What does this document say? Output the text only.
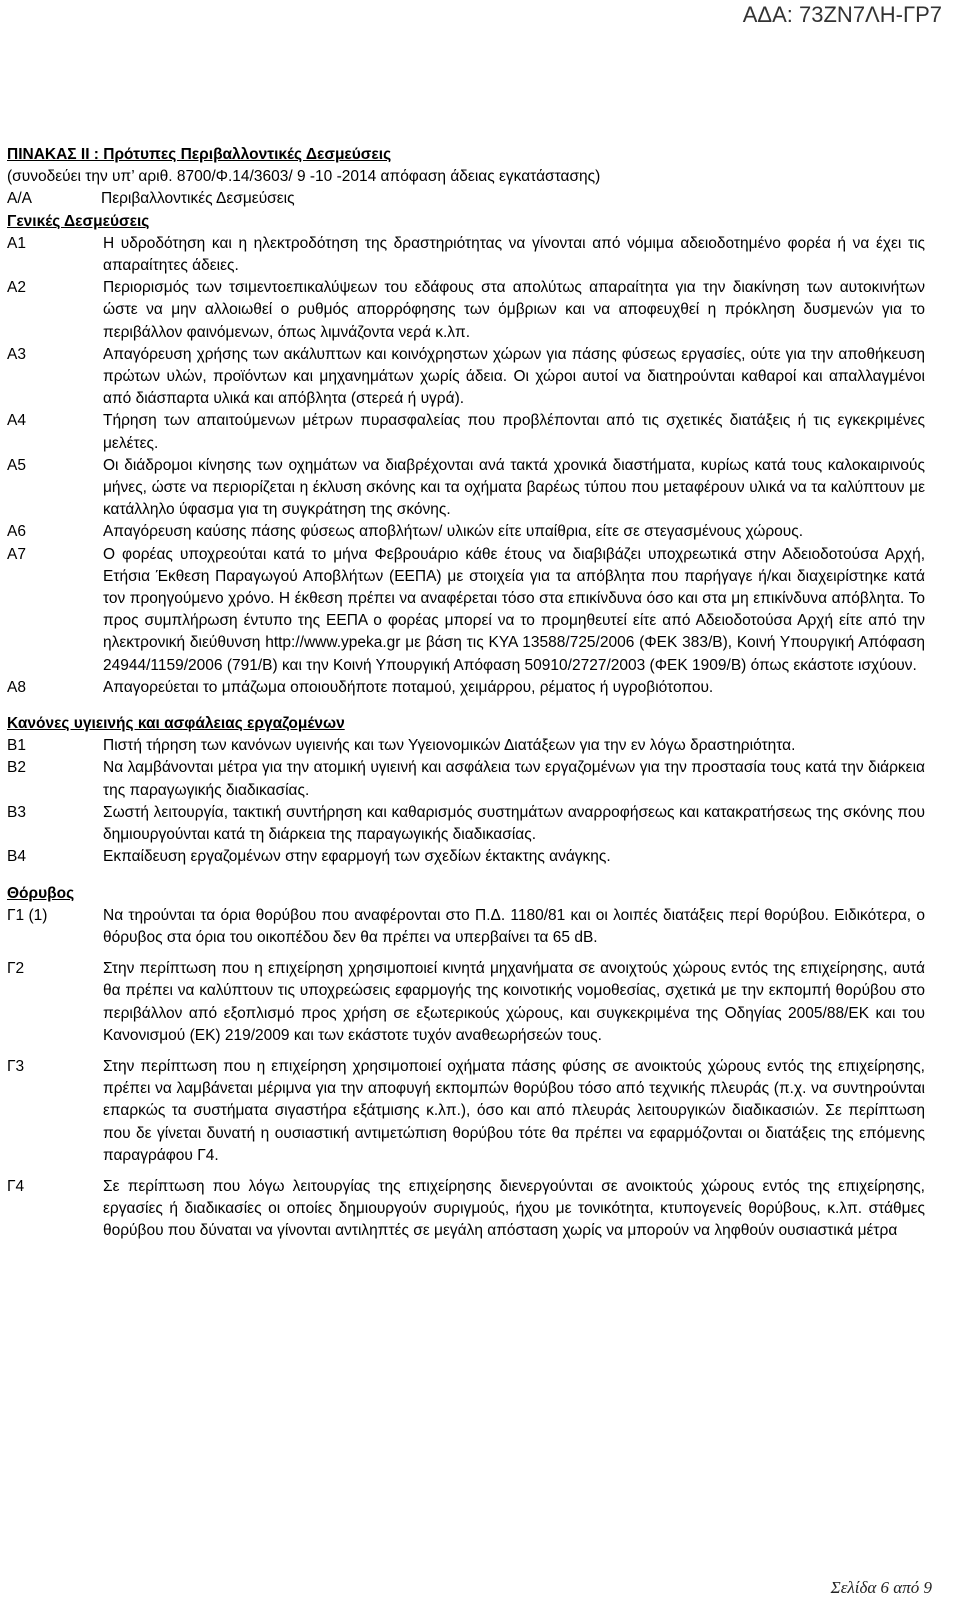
ΑΔΑ: 73ΖΝ7ΛΗ-ΓΡ7
ΠΙΝΑΚΑΣ ΙΙ : Πρότυπες Περιβαλλοντικές Δεσμεύσεις
(συνοδεύει την υπ’ αριθ. 8700/Φ.14/3603/ 9 -10 -2014 απόφαση άδειας εγκατάστασης)
Α/Α	Περιβαλλοντικές Δεσμεύσεις
Γενικές Δεσμεύσεις
Α1	Η υδροδότηση και η ηλεκτροδότηση της δραστηριότητας να γίνονται από νόμιμα αδειοδοτημένο φορέα ή να έχει τις απαραίτητες άδειες.
Α2	Περιορισμός των τσιμεντοεπικαλύψεων του εδάφους στα απολύτως απαραίτητα για την διακίνηση των αυτοκινήτων ώστε να μην αλλοιωθεί ο ρυθμός απορρόφησης των όμβριων και να αποφευχθεί η πρόκληση δυσμενών για το περιβάλλον φαινόμενων, όπως λιμνάζοντα νερά κ.λπ.
Α3	Απαγόρευση χρήσης των ακάλυπτων και κοινόχρηστων χώρων για πάσης φύσεως εργασίες, ούτε για την αποθήκευση πρώτων υλών, προϊόντων και μηχανημάτων χωρίς άδεια. Οι χώροι αυτοί να διατηρούνται καθαροί και απαλλαγμένοι από διάσπαρτα υλικά και απόβλητα (στερεά ή υγρά).
Α4	Τήρηση των απαιτούμενων μέτρων πυρασφαλείας που προβλέπονται από τις σχετικές διατάξεις ή τις εγκεκριμένες μελέτες.
Α5	Οι διάδρομοι κίνησης των οχημάτων να διαβρέχονται ανά τακτά χρονικά διαστήματα, κυρίως κατά τους καλοκαιρινούς μήνες, ώστε να περιορίζεται η έκλυση σκόνης και τα οχήματα βαρέως τύπου που μεταφέρουν υλικά να τα καλύπτουν με κατάλληλο ύφασμα για τη συγκράτηση της σκόνης.
Α6	Απαγόρευση καύσης πάσης φύσεως αποβλήτων/ υλικών είτε υπαίθρια, είτε σε στεγασμένους χώρους.
Α7	Ο φορέας υποχρεούται κατά το μήνα Φεβρουάριο κάθε έτους να διαβιβάζει υποχρεωτικά στην Αδειοδοτούσα Αρχή, Ετήσια Έκθεση Παραγωγού Αποβλήτων (ΕΕΠΑ) με στοιχεία για τα απόβλητα που παρήγαγε ή/και διαχειρίστηκε κατά τον προηγούμενο χρόνο. Η έκθεση πρέπει να αναφέρεται τόσο στα επικίνδυνα όσο και στα μη επικίνδυνα απόβλητα. Το προς συμπλήρωση έντυπο της ΕΕΠΑ ο φορέας μπορεί να το προμηθευτεί είτε από Αδειοδοτούσα Αρχή είτε από την ηλεκτρονική διεύθυνση http://www.ypeka.gr με βάση τις ΚΥΑ 13588/725/2006 (ΦΕΚ 383/Β), Κοινή Υπουργική Απόφαση 24944/1159/2006 (791/Β) και την Κοινή Υπουργική Απόφαση 50910/2727/2003 (ΦΕΚ 1909/Β) όπως εκάστοτε ισχύουν.
Α8	Απαγορεύεται το μπάζωμα οποιουδήποτε ποταμού, χειμάρρου, ρέματος ή υγροβιότοπου.
Κανόνες υγιεινής και ασφάλειας εργαζομένων
Β1	Πιστή τήρηση των κανόνων υγιεινής και των Υγειονομικών Διατάξεων για την εν λόγω δραστηριότητα.
Β2	Να λαμβάνονται μέτρα για την ατομική υγιεινή και ασφάλεια των εργαζομένων για την προστασία τους κατά την διάρκεια της παραγωγικής διαδικασίας.
Β3	Σωστή λειτουργία, τακτική συντήρηση και καθαρισμός συστημάτων αναρροφήσεως και κατακρατήσεως της σκόνης που δημιουργούνται κατά τη διάρκεια της παραγωγικής διαδικασίας.
Β4	Εκπαίδευση εργαζομένων στην εφαρμογή των σχεδίων έκτακτης ανάγκης.
Θόρυβος
Γ1 (1)	Να τηρούνται τα όρια θορύβου που αναφέρονται στο Π.Δ. 1180/81 και οι λοιπές διατάξεις περί θορύβου. Ειδικότερα, ο θόρυβος στα όρια του οικοπέδου δεν θα πρέπει να υπερβαίνει τα 65 dB.
Γ2	Στην περίπτωση που η επιχείρηση χρησιμοποιεί κινητά μηχανήματα σε ανοιχτούς χώρους εντός της επιχείρησης, αυτά θα πρέπει να καλύπτουν τις υποχρεώσεις εφαρμογής της κοινοτικής νομοθεσίας, σχετικά με την εκπομπή θορύβου στο περιβάλλον από εξοπλισμό προς χρήση σε εξωτερικούς χώρους, και συγκεκριμένα της Οδηγίας 2005/88/ΕΚ και του Κανονισμού (ΕΚ) 219/2009 και των εκάστοτε τυχόν αναθεωρήσεών τους.
Γ3	Στην περίπτωση που η επιχείρηση χρησιμοποιεί οχήματα πάσης φύσης σε ανοικτούς χώρους εντός της επιχείρησης, πρέπει να λαμβάνεται μέριμνα για την αποφυγή εκπομπών θορύβου τόσο από τεχνικής πλευράς (π.χ. να συντηρούνται επαρκώς τα συστήματα σιγαστήρα εξάτμισης κ.λπ.), όσο και από πλευράς λειτουργικών διαδικασιών. Σε περίπτωση που δε γίνεται δυνατή η ουσιαστική αντιμετώπιση θορύβου τότε θα πρέπει να εφαρμόζονται οι διατάξεις της επόμενης παραγράφου Γ4.
Γ4	Σε περίπτωση που λόγω λειτουργίας της επιχείρησης διενεργούνται σε ανοικτούς χώρους εντός της επιχείρησης, εργασίες ή διαδικασίες οι οποίες δημιουργούν συριγμούς, ήχου με τονικότητα, κτυπογενείς θορύβους, κ.λπ. στάθμες θορύβου που δύναται να γίνονται αντιληπτές σε μεγάλη απόσταση χωρίς να μπορούν να ληφθούν ουσιαστικά μέτρα
Σελίδα 6 από 9
